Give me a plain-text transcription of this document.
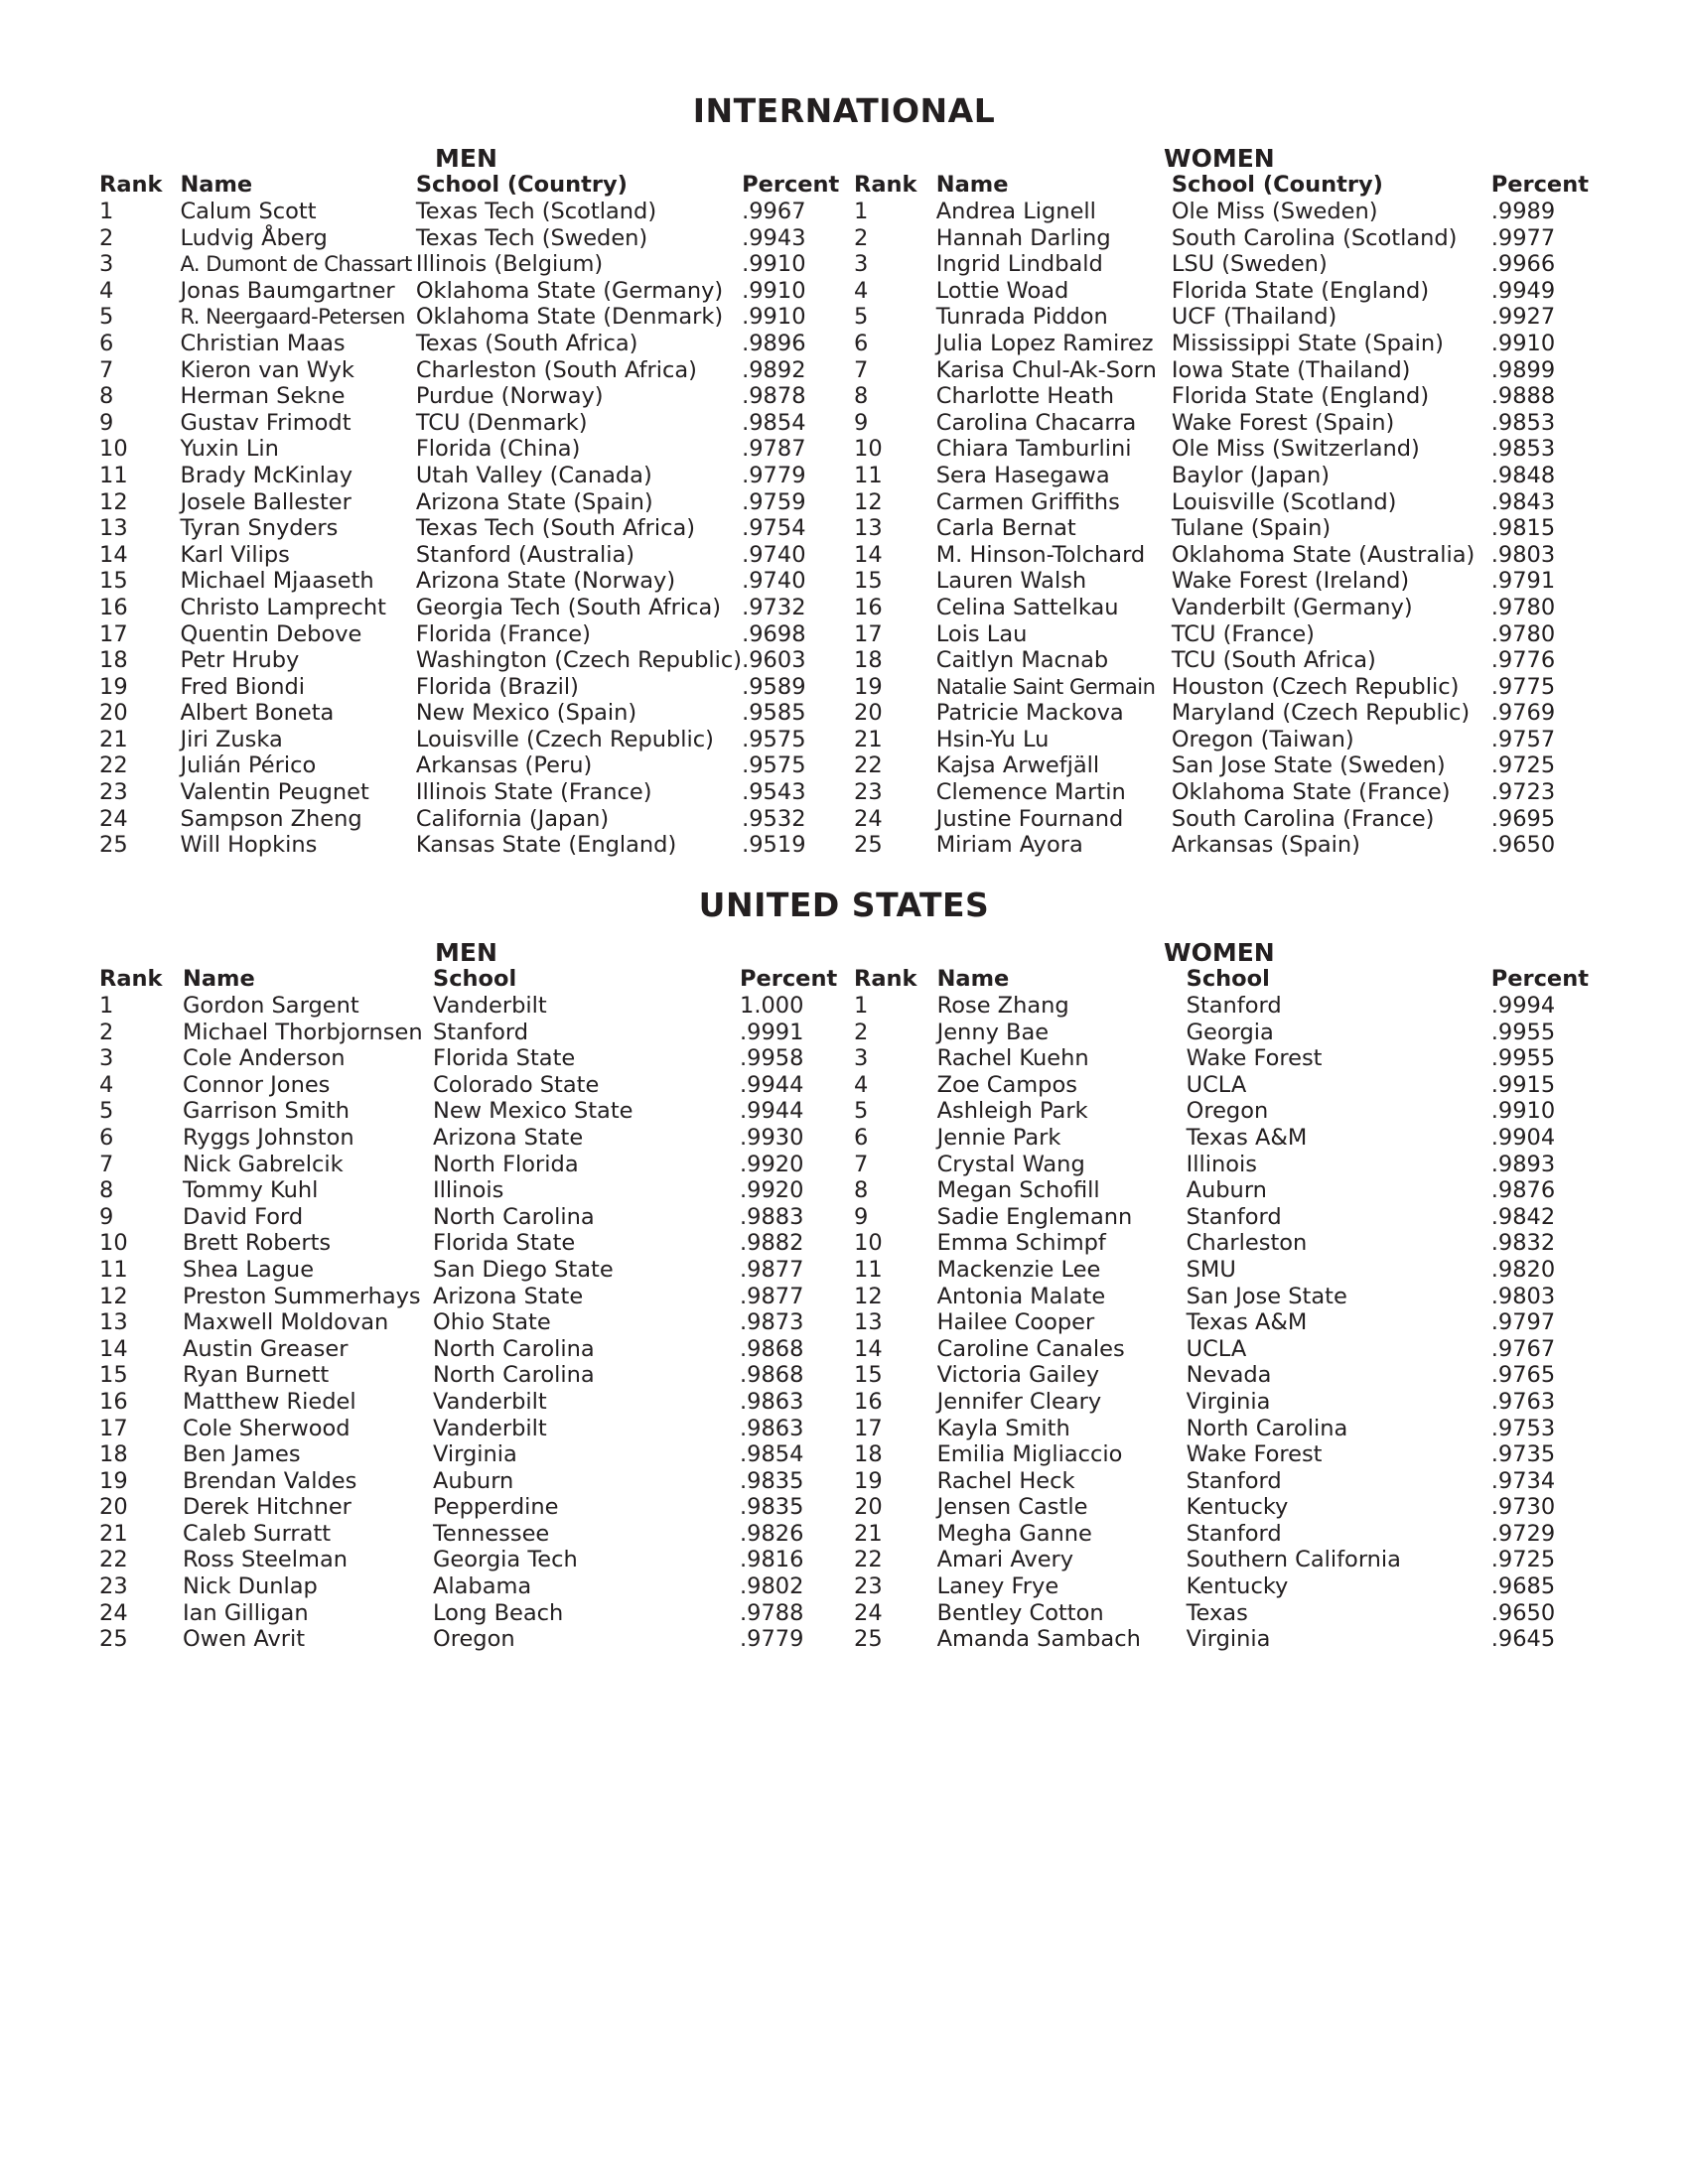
INTERNATIONAL
MEN
Rank	Name	School (Country)	Percent
1	Calum Scott	Texas Tech (Scotland)	.9967
2	Ludvig Åberg	Texas Tech (Sweden)	.9943
3	A. Dumont de Chassart	Illinois (Belgium)	.9910
4	Jonas Baumgartner	Oklahoma State (Germany)	.9910
5	R. Neergaard-Petersen	Oklahoma State (Denmark)	.9910
6	Christian Maas	Texas (South Africa)	.9896
7	Kieron van Wyk	Charleston (South Africa)	.9892
8	Herman Sekne	Purdue (Norway)	.9878
9	Gustav Frimodt	TCU (Denmark)	.9854
10	Yuxin Lin	Florida (China)	.9787
11	Brady McKinlay	Utah Valley (Canada)	.9779
12	Josele Ballester	Arizona State (Spain)	.9759
13	Tyran Snyders	Texas Tech (South Africa)	.9754
14	Karl Vilips	Stanford (Australia)	.9740
15	Michael Mjaaseth	Arizona State (Norway)	.9740
16	Christo Lamprecht	Georgia Tech (South Africa)	.9732
17	Quentin Debove	Florida (France)	.9698
18	Petr Hruby	Washington (Czech Republic)	.9603
19	Fred Biondi	Florida (Brazil)	.9589
20	Albert Boneta	New Mexico (Spain)	.9585
21	Jiri Zuska	Louisville (Czech Republic)	.9575
22	Julián Périco	Arkansas (Peru)	.9575
23	Valentin Peugnet	Illinois State (France)	.9543
24	Sampson Zheng	California (Japan)	.9532
25	Will Hopkins	Kansas State (England)	.9519
WOMEN
Rank	Name	School (Country)	Percent
1	Andrea Lignell	Ole Miss (Sweden)	.9989
2	Hannah Darling	South Carolina (Scotland)	.9977
3	Ingrid Lindbald	LSU (Sweden)	.9966
4	Lottie Woad	Florida State (England)	.9949
5	Tunrada Piddon	UCF (Thailand)	.9927
6	Julia Lopez Ramirez	Mississippi State (Spain)	.9910
7	Karisa Chul-Ak-Sorn	Iowa State (Thailand)	.9899
8	Charlotte Heath	Florida State (England)	.9888
9	Carolina Chacarra	Wake Forest (Spain)	.9853
10	Chiara Tamburlini	Ole Miss (Switzerland)	.9853
11	Sera Hasegawa	Baylor (Japan)	.9848
12	Carmen Griffiths	Louisville (Scotland)	.9843
13	Carla Bernat	Tulane (Spain)	.9815
14	M. Hinson-Tolchard	Oklahoma State (Australia)	.9803
15	Lauren Walsh	Wake Forest (Ireland)	.9791
16	Celina Sattelkau	Vanderbilt (Germany)	.9780
17	Lois Lau	TCU (France)	.9780
18	Caitlyn Macnab	TCU (South Africa)	.9776
19	Natalie Saint Germain	Houston (Czech Republic)	.9775
20	Patricie Mackova	Maryland (Czech Republic)	.9769
21	Hsin-Yu Lu	Oregon (Taiwan)	.9757
22	Kajsa Arwefjäll	San Jose State (Sweden)	.9725
23	Clemence Martin	Oklahoma State (France)	.9723
24	Justine Fournand	South Carolina (France)	.9695
25	Miriam Ayora	Arkansas (Spain)	.9650
UNITED STATES
MEN
Rank	Name	School	Percent
1	Gordon Sargent	Vanderbilt	1.000
2	Michael Thorbjornsen	Stanford	.9991
3	Cole Anderson	Florida State	.9958
4	Connor Jones	Colorado State	.9944
5	Garrison Smith	New Mexico State	.9944
6	Ryggs Johnston	Arizona State	.9930
7	Nick Gabrelcik	North Florida	.9920
8	Tommy Kuhl	Illinois	.9920
9	David Ford	North Carolina	.9883
10	Brett Roberts	Florida State	.9882
11	Shea Lague	San Diego State	.9877
12	Preston Summerhays	Arizona State	.9877
13	Maxwell Moldovan	Ohio State	.9873
14	Austin Greaser	North Carolina	.9868
15	Ryan Burnett	North Carolina	.9868
16	Matthew Riedel	Vanderbilt	.9863
17	Cole Sherwood	Vanderbilt	.9863
18	Ben James	Virginia	.9854
19	Brendan Valdes	Auburn	.9835
20	Derek Hitchner	Pepperdine	.9835
21	Caleb Surratt	Tennessee	.9826
22	Ross Steelman	Georgia Tech	.9816
23	Nick Dunlap	Alabama	.9802
24	Ian Gilligan	Long Beach	.9788
25	Owen Avrit	Oregon	.9779
WOMEN
Rank	Name	School	Percent
1	Rose Zhang	Stanford	.9994
2	Jenny Bae	Georgia	.9955
3	Rachel Kuehn	Wake Forest	.9955
4	Zoe Campos	UCLA	.9915
5	Ashleigh Park	Oregon	.9910
6	Jennie Park	Texas A&M	.9904
7	Crystal Wang	Illinois	.9893
8	Megan Schofill	Auburn	.9876
9	Sadie Englemann	Stanford	.9842
10	Emma Schimpf	Charleston	.9832
11	Mackenzie Lee	SMU	.9820
12	Antonia Malate	San Jose State	.9803
13	Hailee Cooper	Texas A&M	.9797
14	Caroline Canales	UCLA	.9767
15	Victoria Gailey	Nevada	.9765
16	Jennifer Cleary	Virginia	.9763
17	Kayla Smith	North Carolina	.9753
18	Emilia Migliaccio	Wake Forest	.9735
19	Rachel Heck	Stanford	.9734
20	Jensen Castle	Kentucky	.9730
21	Megha Ganne	Stanford	.9729
22	Amari Avery	Southern California	.9725
23	Laney Frye	Kentucky	.9685
24	Bentley Cotton	Texas	.9650
25	Amanda Sambach	Virginia	.9645
